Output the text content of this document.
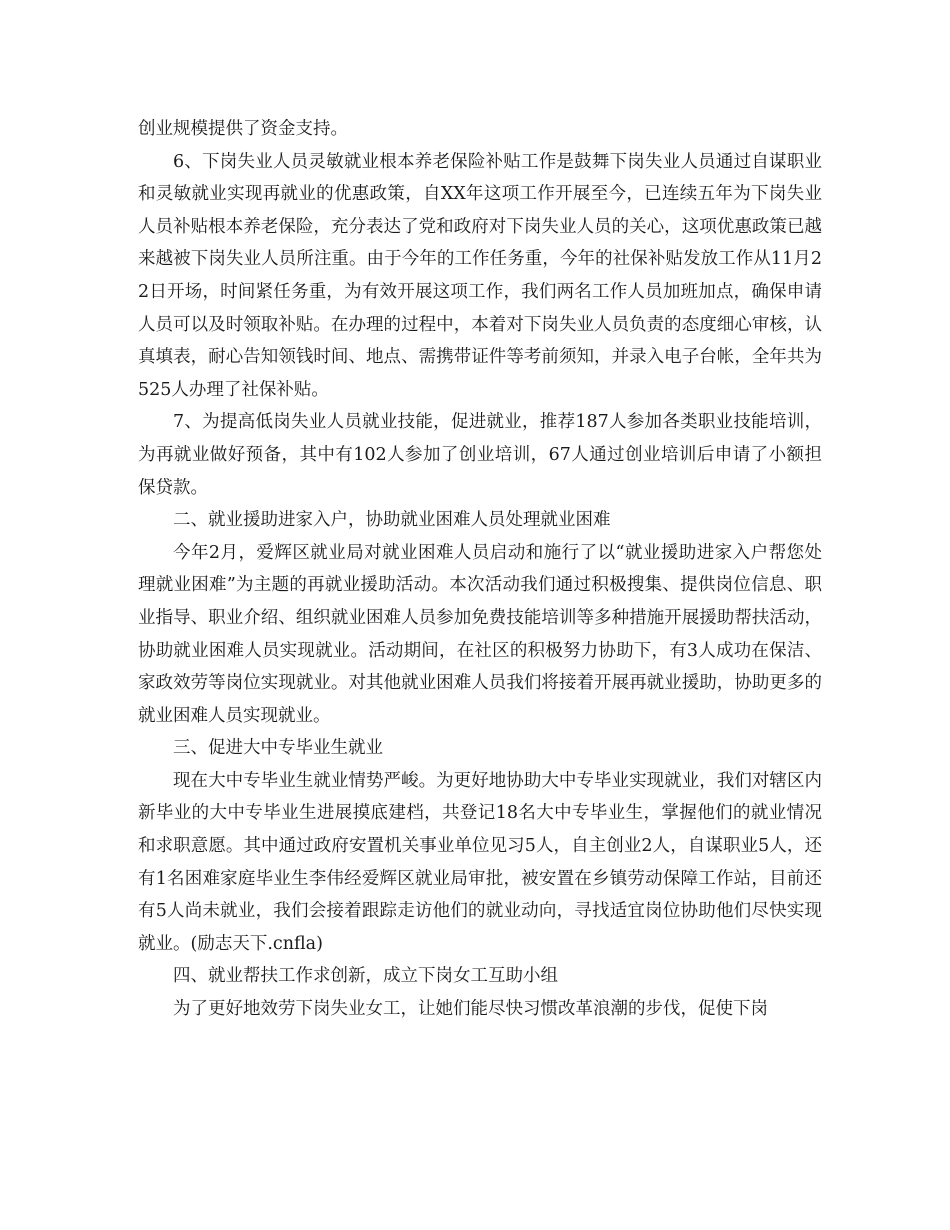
创业规模提供了资金支持。

6、下岗失业人员灵敏就业根本养老保险补贴工作是鼓舞下岗失业人员通过自谋职业和灵敏就业实现再就业的优惠政策，自XX年这项工作开展至今，已连续五年为下岗失业人员补贴根本养老保险，充分表达了党和政府对下岗失业人员的关心，这项优惠政策已越来越被下岗失业人员所注重。由于今年的工作任务重，今年的社保补贴发放工作从11月22日开场，时间紧任务重，为有效开展这项工作，我们两名工作人员加班加点，确保申请人员可以及时领取补贴。在办理的过程中，本着对下岗失业人员负责的态度细心审核，认真填表，耐心告知领钱时间、地点、需携带证件等考前须知，并录入电子台帐，全年共为525人办理了社保补贴。

7、为提高低岗失业人员就业技能，促进就业，推荐187人参加各类职业技能培训，为再就业做好预备，其中有102人参加了创业培训，67人通过创业培训后申请了小额担保贷款。

二、就业援助进家入户，协助就业困难人员处理就业困难

今年2月，爱辉区就业局对就业困难人员启动和施行了以“就业援助进家入户帮您处理就业困难”为主题的再就业援助活动。本次活动我们通过积极搜集、提供岗位信息、职业指导、职业介绍、组织就业困难人员参加免费技能培训等多种措施开展援助帮扶活动，协助就业困难人员实现就业。活动期间，在社区的积极努力协助下，有3人成功在保洁、家政效劳等岗位实现就业。对其他就业困难人员我们将接着开展再就业援助，协助更多的就业困难人员实现就业。

三、促进大中专毕业生就业

现在大中专毕业生就业情势严峻。为更好地协助大中专毕业实现就业，我们对辖区内新毕业的大中专毕业生进展摸底建档，共登记18名大中专毕业生，掌握他们的就业情况和求职意愿。其中通过政府安置机关事业单位见习5人，自主创业2人，自谋职业5人，还有1名困难家庭毕业生李伟经爱辉区就业局审批，被安置在乡镇劳动保障工作站，目前还有5人尚未就业，我们会接着跟踪走访他们的就业动向，寻找适宜岗位协助他们尽快实现就业。(励志天下.cnfla)

四、就业帮扶工作求创新，成立下岗女工互助小组

为了更好地效劳下岗失业女工，让她们能尽快习惯改革浪潮的步伐，促使下岗
